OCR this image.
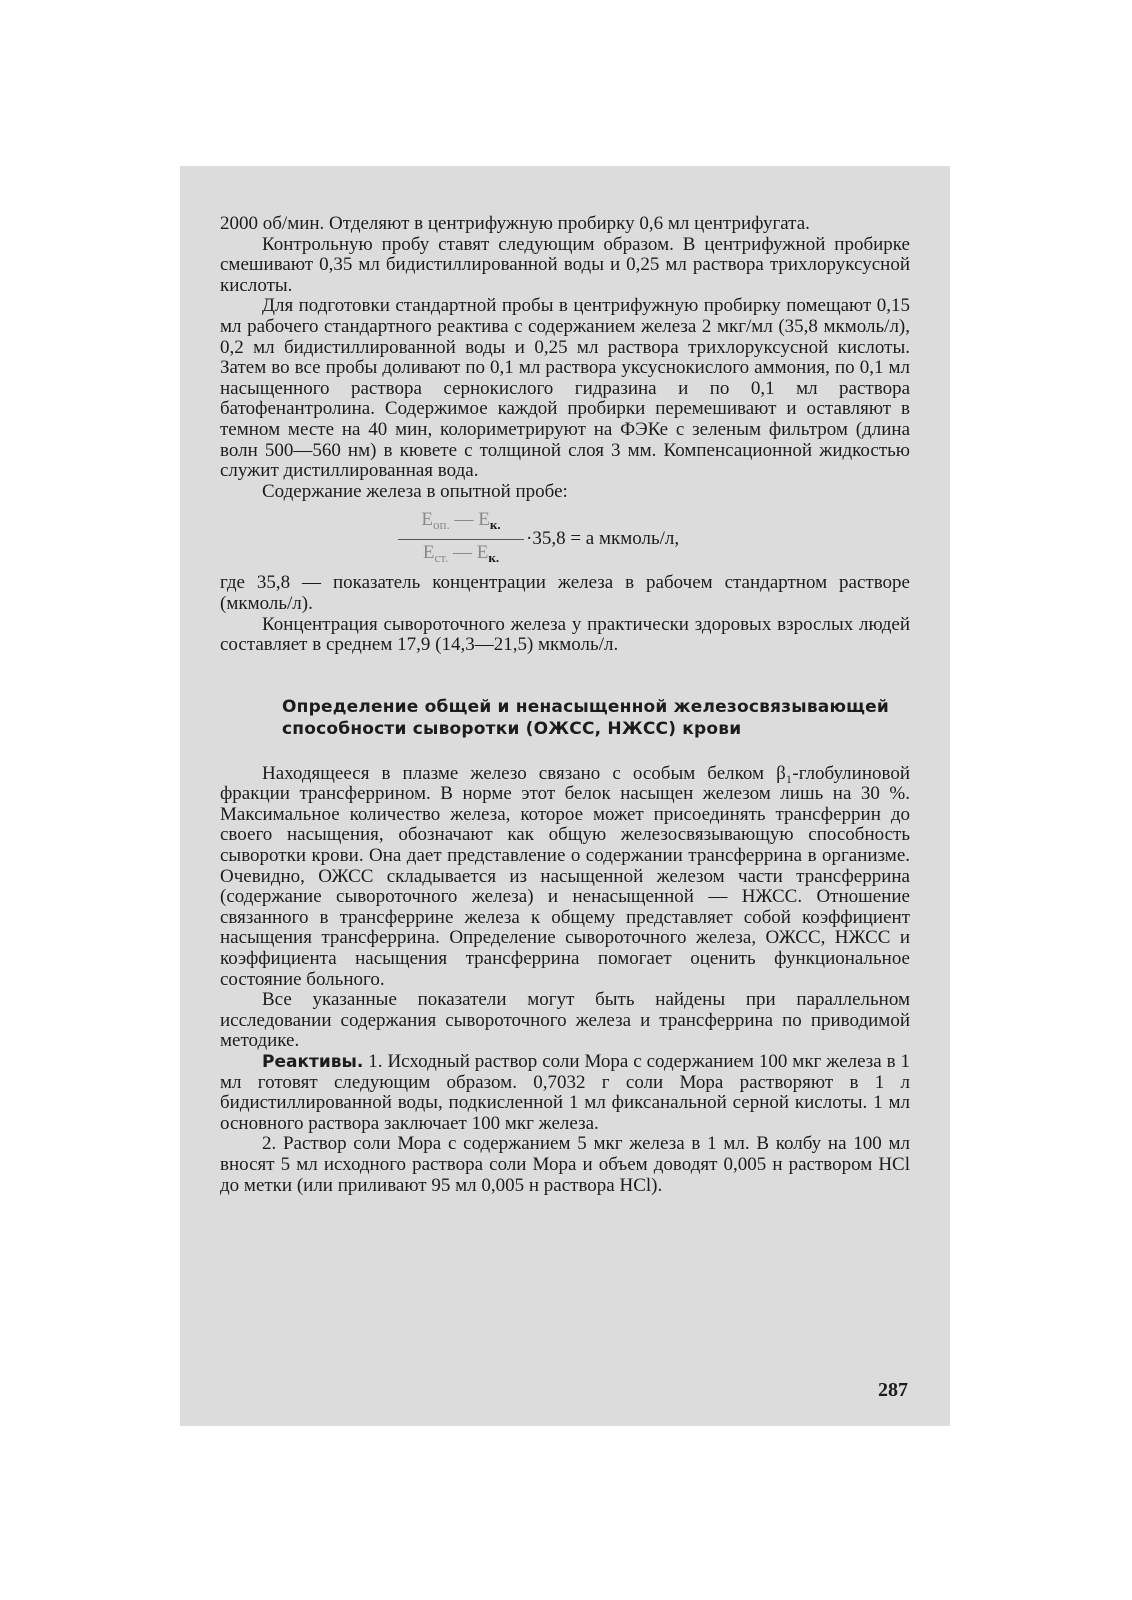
2000 об/мин. Отделяют в центрифужную пробирку 0,6 мл центрифугата.

Контрольную пробу ставят следующим образом. В центрифужной пробирке смешивают 0,35 мл бидистиллированной воды и 0,25 мл раствора трихлоруксусной кислоты.

Для подготовки стандартной пробы в центрифужную пробирку помещают 0,15 мл рабочего стандартного реактива с содержанием железа 2 мкг/мл (35,8 мкмоль/л), 0,2 мл бидистиллированной воды и 0,25 мл раствора трихлоруксусной кислоты. Затем во все пробы доливают по 0,1 мл раствора уксуснокислого аммония, по 0,1 мл насыщенного раствора сернокислого гидразина и по 0,1 мл раствора батофенантролина. Содержимое каждой пробирки перемешивают и оставляют в темном месте на 40 мин, колориметрируют на ФЭКе с зеленым фильтром (длина волн 500—560 нм) в кювете с толщиной слоя 3 мм. Компенсационной жидкостью служит дистиллированная вода.

Содержание железа в опытной пробе:

$\frac{E_{оп.} — E_{к.}}{E_{ст.} — E_{к.}} \cdot 35,8 = а$ мкмоль/л,

где 35,8 — показатель концентрации железа в рабочем стандартном растворе (мкмоль/л).

Концентрация сывороточного железа у практически здоровых взрослых людей составляет в среднем 17,9 (14,3—21,5) мкмоль/л.

Определение общей и ненасыщенной железосвязывающей способности сыворотки (ОЖСС, НЖСС) крови

Находящееся в плазме железо связано с особым белком β₁-глобулиновой фракции трансферрином. В норме этот белок насыщен железом лишь на 30 %. Максимальное количество железа, которое может присоединять трансферрин до своего насыщения, обозначают как общую железосвязывающую способность сыворотки крови. Она дает представление о содержании трансферрина в организме. Очевидно, ОЖСС складывается из насыщенной железом части трансферрина (содержание сывороточного железа) и ненасыщенной — НЖСС. Отношение связанного в трансферрине железа к общему представляет собой коэффициент насыщения трансферрина. Определение сывороточного железа, ОЖСС, НЖСС и коэффициента насыщения трансферрина помогает оценить функциональное состояние больного.

Все указанные показатели могут быть найдены при параллельном исследовании содержания сывороточного железа и трансферрина по приводимой методике.

Реактивы. 1. Исходный раствор соли Мора с содержанием 100 мкг железа в 1 мл готовят следующим образом. 0,7032 г соли Мора растворяют в 1 л бидистиллированной воды, подкисленной 1 мл фиксанальной серной кислоты. 1 мл основного раствора заключает 100 мкг железа.

2. Раствор соли Мора с содержанием 5 мкг железа в 1 мл. В колбу на 100 мл вносят 5 мл исходного раствора соли Мора и объем доводят 0,005 н раствором HCl до метки (или приливают 95 мл 0,005 н раствора HCl).

287
